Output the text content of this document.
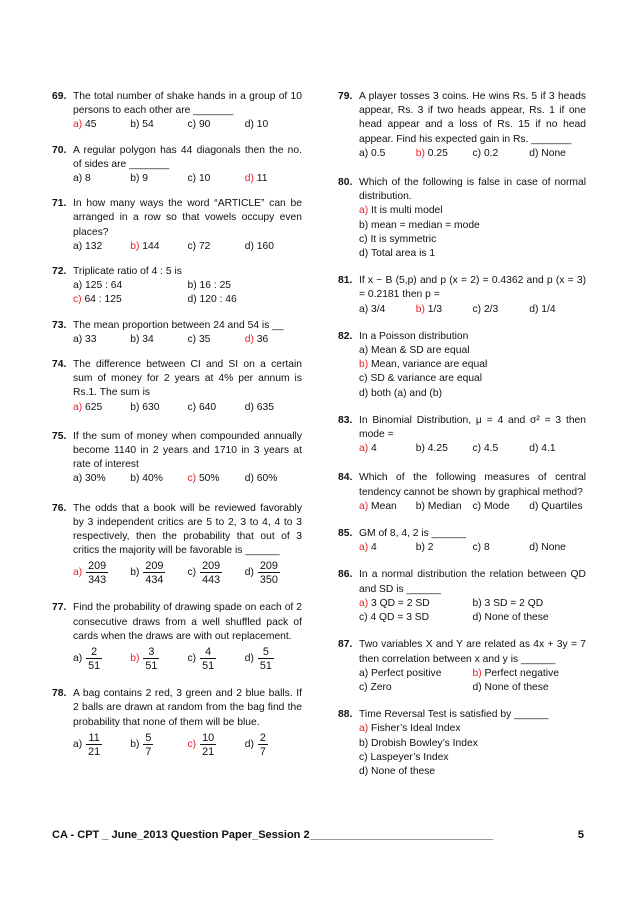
69. The total number of shake hands in a group of 10 persons to each other are _______
a)
45	b)
54	c)
90	d)
10
70. A regular polygon has 44 diagonals then the no. of sides are _______
a)
8	b)
9	c)
10	d)
11
71. In how many ways the word “ARTICLE” can be arranged in a row so that vowels occupy even places?
a)
132	b)
144	c)
72	d)
160
72. Triplicate ratio of 4 : 5 is
a)
125 : 64	b)
16 : 25
c)
64 : 125	d)
120 : 46
73. The mean proportion between 24 and 54 is __
a)
33	b)
34	c)
35	d)
36
74. The difference between CI and SI on a certain sum of money for 2 years at 4% per annum is Rs.1. The sum is
a)
625	b)
630	c)
640	d)
635
75. If the sum of money when compounded annually become 1140 in 2 years and 1710 in 3 years at rate of interest
a)
30% b)
40% c)
50% d)
60%
76. The odds that a book will be reviewed favorably by 3 independent critics are 5 to 2, 3 to 4, 4 to 3 respectively, then the probability that out of 3 critics the majority will be favorable is ______
$a) \frac{209}{343} b) \frac{209}{434} c) \frac{209}{443} d) \frac{209}{350}$
77. Find the probability of drawing spade on each of 2 consecutive draws from a well shuffled pack of cards when the draws are with out replacement.
$a) \frac{2}{51}$	$b) \frac{3}{51}$	$c) \frac{4}{51}$	$d) \frac{5}{51}$
78. A bag contains 2 red, 3 green and 2 blue balls. If 2 balls are drawn at random from the bag find the probability that none of them will be blue.
$a) \frac{11}{21}$	$b) \frac{5}{7}$	$c) \frac{10}{21}$	$d) \frac{2}{7}$
79. A player tosses 3 coins. He wins Rs. 5 if 3 heads appear, Rs. 3 if two heads appear, Rs. 1 if one head appear and a loss of Rs. 15 if no head appear. Find his expected gain in Rs. _______
a)
0.5	b)
0.25 c)
0.2	d)
None
80. Which of the following is false in case of normal distribution.
a)
It is multi model
b)
mean = median = mode
c)
It is symmetric
d)
Total area is 1
81. If x ~ B (5,p) and p (x = 2) = 0.4362 and p (x = 3) = 0.2181 then p =
a)
3/4	b)
1/3	c)
2/3	d)
1/4
82. In a Poisson distribution
a)
Mean & SD are equal
b)
Mean, variance are equal
c)
SD & variance are equal
d)
both (a) and (b)
83. In Binomial Distribution, μ = 4 and σ² = 3 then mode =
a)
4	b)
4.25 c)
4.5	d)
4.1
84. Which of the following measures of central tendency cannot be shown by graphical method?
a)
Mean b)
Median c)
Mode d)
Quartiles
85. GM of 8, 4, 2 is ______
a)
4	b)
2	c)
8	d)
None
86. In a normal distribution the relation between QD and SD is ______
a)
3 QD = 2 SD	b)
3 SD = 2 QD
c)
4 QD = 3 SD	d)
None of these
87. Two variables X and Y are related as 4x + 3y = 7 then correlation between x and y is ______
a)
Perfect positive	b)
Perfect negative
c)
Zero	d)
None of these
88. Time Reversal Test is satisfied by ______
a)
Fisher’s Ideal Index
b)
Drobish Bowley’s Index
c)
Laspeyer’s Index
d)
None of these
CA - CPT _ June_2013 Question Paper_Session 2______________________________	5
